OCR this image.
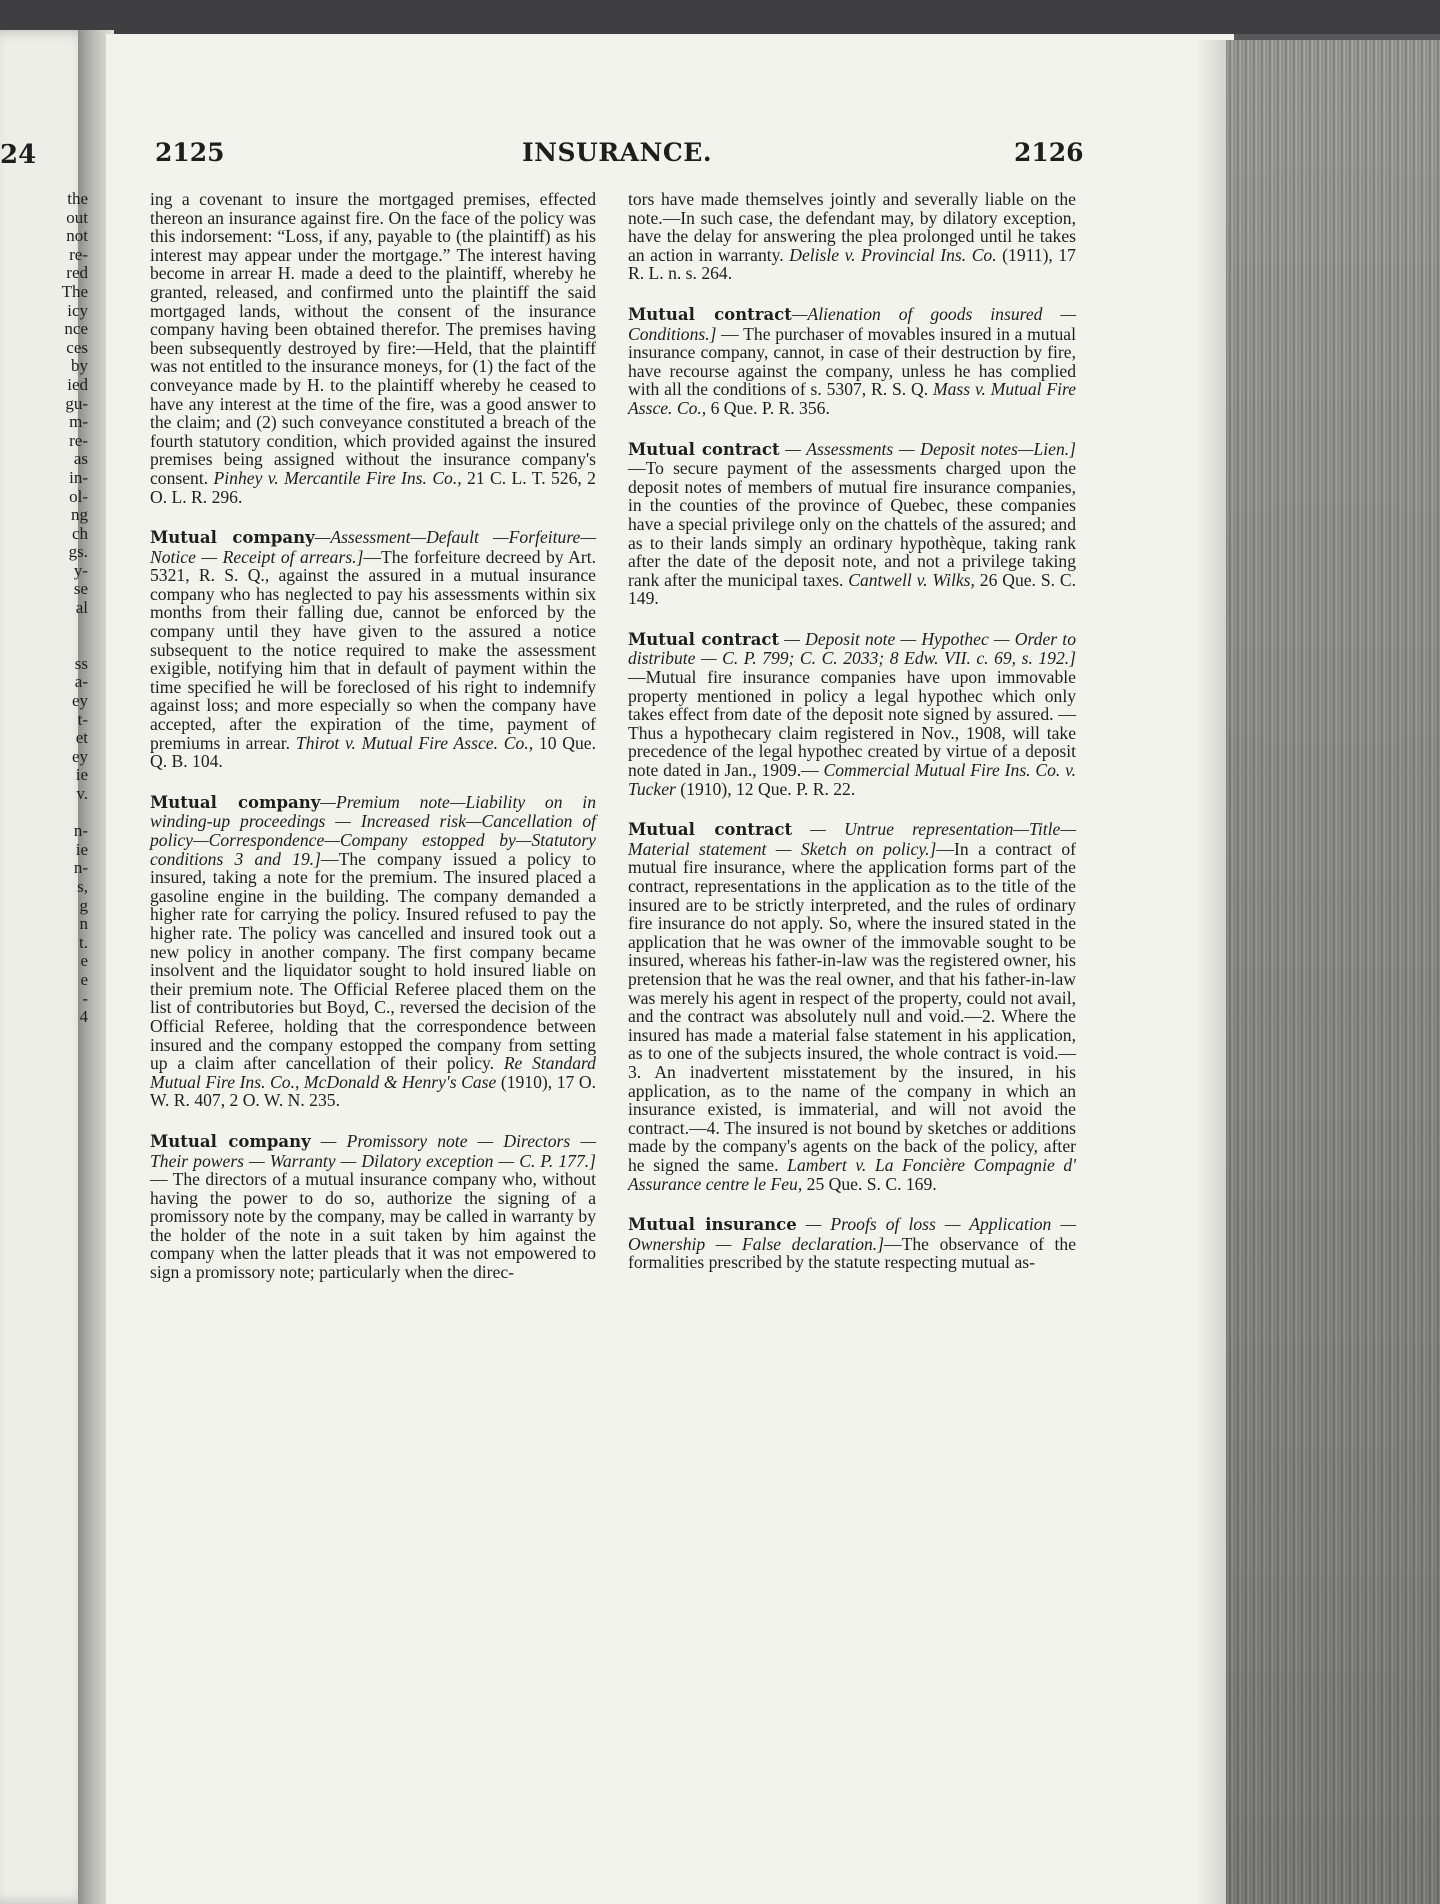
24
the
out
not
re-
red
The
icy
nce
ces
by
ied
gu-
m-
re-
as
in-
ol-
ng
ch
gs.
y-
se
al

ss
a-
ey
t-
et
ey
ie
v.

n-
ie
n-
s,
g
n
t.
e
e
-
4

2125	INSURANCE.	2126

ing a covenant to insure the mortgaged premises, effected thereon an insurance against fire. On the face of the policy was this indorsement: “Loss, if any, payable to (the plaintiff) as his interest may appear under the mortgage.” The interest having become in arrear H. made a deed to the plaintiff, whereby he granted, released, and confirmed unto the plaintiff the said mortgaged lands, without the consent of the insurance company having been obtained therefor. The premises having been subsequently destroyed by fire:—Held, that the plaintiff was not entitled to the insurance moneys, for (1) the fact of the conveyance made by H. to the plaintiff whereby he ceased to have any interest at the time of the fire, was a good answer to the claim; and (2) such conveyance constituted a breach of the fourth statutory condition, which provided against the insured premises being assigned without the insurance company's consent. Pinhey v. Mercantile Fire Ins. Co., 21 C. L. T. 526, 2 O. L. R. 296.

Mutual company—Assessment—Default —Forfeiture—Notice — Receipt of arrears.]—The forfeiture decreed by Art. 5321, R. S. Q., against the assured in a mutual insurance company who has neglected to pay his assessments within six months from their falling due, cannot be enforced by the company until they have given to the assured a notice subsequent to the notice required to make the assessment exigible, notifying him that in default of payment within the time specified he will be foreclosed of his right to indemnify against loss; and more especially so when the company have accepted, after the expiration of the time, payment of premiums in arrear. Thirot v. Mutual Fire Assce. Co., 10 Que. Q. B. 104.

Mutual company—Premium note—Liability on in winding-up proceedings — Increased risk—Cancellation of policy—Correspondence—Company estopped by—Statutory conditions 3 and 19.]—The company issued a policy to insured, taking a note for the premium. The insured placed a gasoline engine in the building. The company demanded a higher rate for carrying the policy. Insured refused to pay the higher rate. The policy was cancelled and insured took out a new policy in another company. The first company became insolvent and the liquidator sought to hold insured liable on their premium note. The Official Referee placed them on the list of contributories but Boyd, C., reversed the decision of the Official Referee, holding that the correspondence between insured and the company estopped the company from setting up a claim after cancellation of their policy. Re Standard Mutual Fire Ins. Co., McDonald & Henry's Case (1910), 17 O. W. R. 407, 2 O. W. N. 235.

Mutual company — Promissory note — Directors — Their powers — Warranty — Dilatory exception — C. P. 177.] — The directors of a mutual insurance company who, without having the power to do so, authorize the signing of a promissory note by the company, may be called in warranty by the holder of the note in a suit taken by him against the company when the latter pleads that it was not empowered to sign a promissory note; particularly when the direc-

tors have made themselves jointly and severally liable on the note.—In such case, the defendant may, by dilatory exception, have the delay for answering the plea prolonged until he takes an action in warranty. Delisle v. Provincial Ins. Co. (1911), 17 R. L. n. s. 264.

Mutual contract—Alienation of goods insured — Conditions.] — The purchaser of movables insured in a mutual insurance company, cannot, in case of their destruction by fire, have recourse against the company, unless he has complied with all the conditions of s. 5307, R. S. Q. Mass v. Mutual Fire Assce. Co., 6 Que. P. R. 356.

Mutual contract — Assessments — Deposit notes—Lien.]—To secure payment of the assessments charged upon the deposit notes of members of mutual fire insurance companies, in the counties of the province of Quebec, these companies have a special privilege only on the chattels of the assured; and as to their lands simply an ordinary hypothèque, taking rank after the date of the deposit note, and not a privilege taking rank after the municipal taxes. Cantwell v. Wilks, 26 Que. S. C. 149.

Mutual contract — Deposit note — Hypothec — Order to distribute — C. P. 799; C. C. 2033; 8 Edw. VII. c. 69, s. 192.]—Mutual fire insurance companies have upon immovable property mentioned in policy a legal hypothec which only takes effect from date of the deposit note signed by assured. —Thus a hypothecary claim registered in Nov., 1908, will take precedence of the legal hypothec created by virtue of a deposit note dated in Jan., 1909.— Commercial Mutual Fire Ins. Co. v. Tucker (1910), 12 Que. P. R. 22.

Mutual contract — Untrue representation—Title—Material statement — Sketch on policy.]—In a contract of mutual fire insurance, where the application forms part of the contract, representations in the application as to the title of the insured are to be strictly interpreted, and the rules of ordinary fire insurance do not apply. So, where the insured stated in the application that he was owner of the immovable sought to be insured, whereas his father-in-law was the registered owner, his pretension that he was the real owner, and that his father-in-law was merely his agent in respect of the property, could not avail, and the contract was absolutely null and void.—2. Where the insured has made a material false statement in his application, as to one of the subjects insured, the whole contract is void.—3. An inadvertent misstatement by the insured, in his application, as to the name of the company in which an insurance existed, is immaterial, and will not avoid the contract.—4. The insured is not bound by sketches or additions made by the company's agents on the back of the policy, after he signed the same. Lambert v. La Foncière Compagnie d' Assurance centre le Feu, 25 Que. S. C. 169.

Mutual insurance — Proofs of loss — Application — Ownership — False declaration.]—The observance of the formalities prescribed by the statute respecting mutual as-
